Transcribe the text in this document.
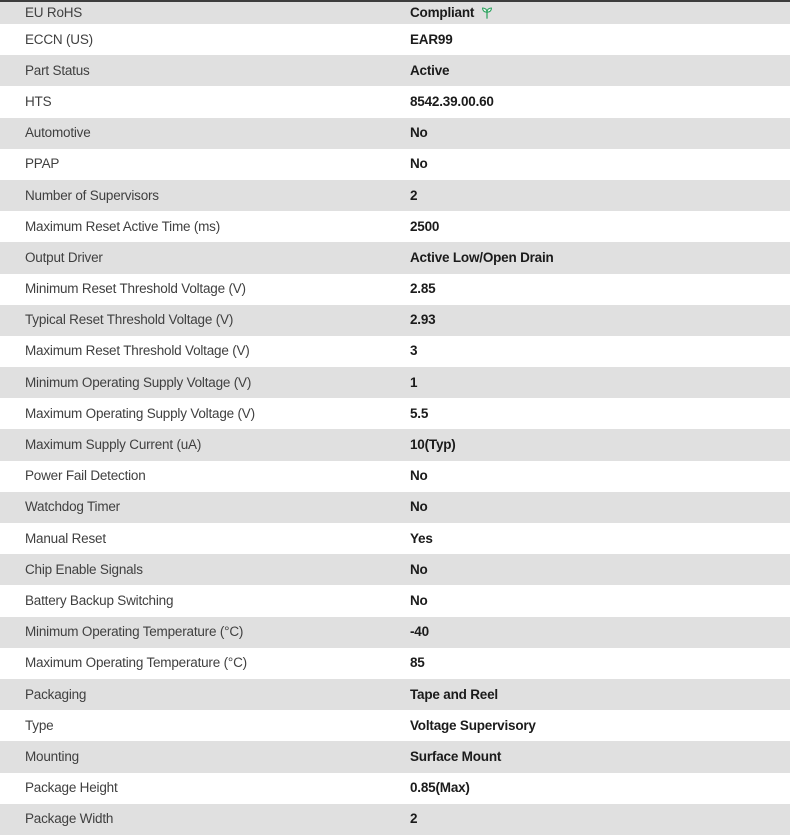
EU RoHS	Compliant
ECCN (US)	EAR99
Part Status	Active
HTS	8542.39.00.60
Automotive	No
PPAP	No
Number of Supervisors	2
Maximum Reset Active Time (ms)	2500
Output Driver	Active Low/Open Drain
Minimum Reset Threshold Voltage (V)	2.85
Typical Reset Threshold Voltage (V)	2.93
Maximum Reset Threshold Voltage (V)	3
Minimum Operating Supply Voltage (V)	1
Maximum Operating Supply Voltage (V)	5.5
Maximum Supply Current (uA)	10(Typ)
Power Fail Detection	No
Watchdog Timer	No
Manual Reset	Yes
Chip Enable Signals	No
Battery Backup Switching	No
Minimum Operating Temperature (°C)	-40
Maximum Operating Temperature (°C)	85
Packaging	Tape and Reel
Type	Voltage Supervisory
Mounting	Surface Mount
Package Height	0.85(Max)
Package Width	2
